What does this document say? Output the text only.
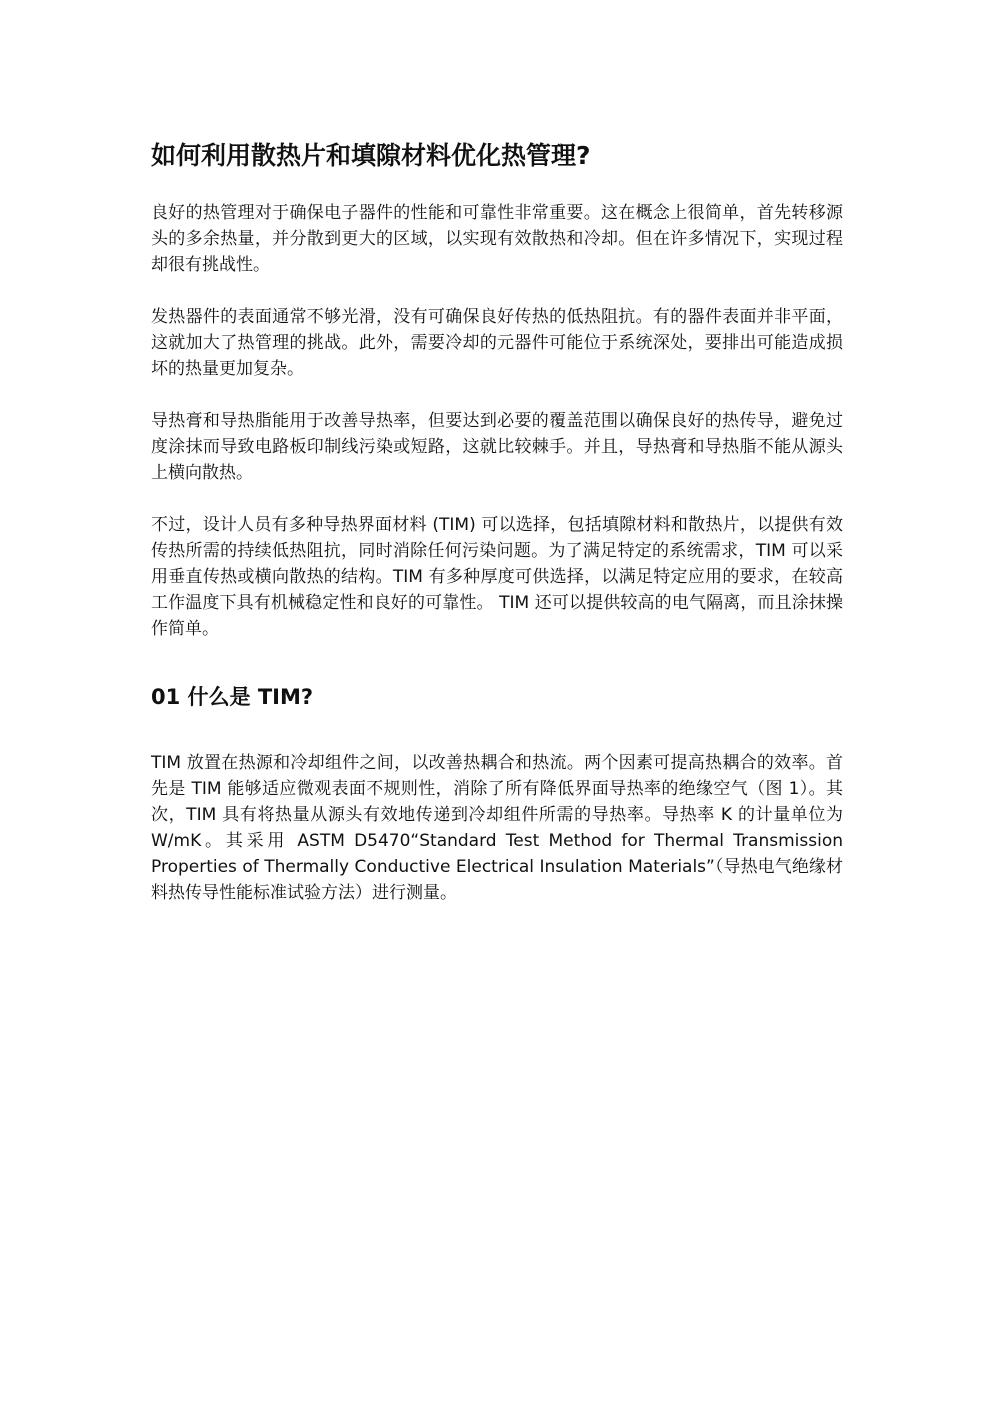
如何利用散热片和填隙材料优化热管理?

良好的热管理对于确保电子器件的性能和可靠性非常重要。这在概念上很简单，首先转移源头的多余热量，并分散到更大的区域，以实现有效散热和冷却。但在许多情况下，实现过程却很有挑战性。

发热器件的表面通常不够光滑，没有可确保良好传热的低热阻抗。有的器件表面并非平面，这就加大了热管理的挑战。此外，需要冷却的元器件可能位于系统深处，要排出可能造成损坏的热量更加复杂。

导热膏和导热脂能用于改善导热率，但要达到必要的覆盖范围以确保良好的热传导，避免过度涂抹而导致电路板印制线污染或短路，这就比较棘手。并且，导热膏和导热脂不能从源头上横向散热。

不过，设计人员有多种导热界面材料 (TIM) 可以选择，包括填隙材料和散热片，以提供有效传热所需的持续低热阻抗，同时消除任何污染问题。为了满足特定的系统需求，TIM 可以采用垂直传热或横向散热的结构。TIM 有多种厚度可供选择，以满足特定应用的要求，在较高工作温度下具有机械稳定性和良好的可靠性。 TIM 还可以提供较高的电气隔离，而且涂抹操作简单。

01 什么是 TIM?

TIM 放置在热源和冷却组件之间，以改善热耦合和热流。两个因素可提高热耦合的效率。首先是 TIM 能够适应微观表面不规则性，消除了所有降低界面导热率的绝缘空气（图 1）。其次，TIM 具有将热量从源头有效地传递到冷却组件所需的导热率。导热率 K 的计量单位为 W/mK。其采用 ASTM D5470“Standard Test Method for Thermal Transmission Properties of Thermally Conductive Electrical Insulation Materials”（导热电气绝缘材料热传导性能标准试验方法）进行测量。
